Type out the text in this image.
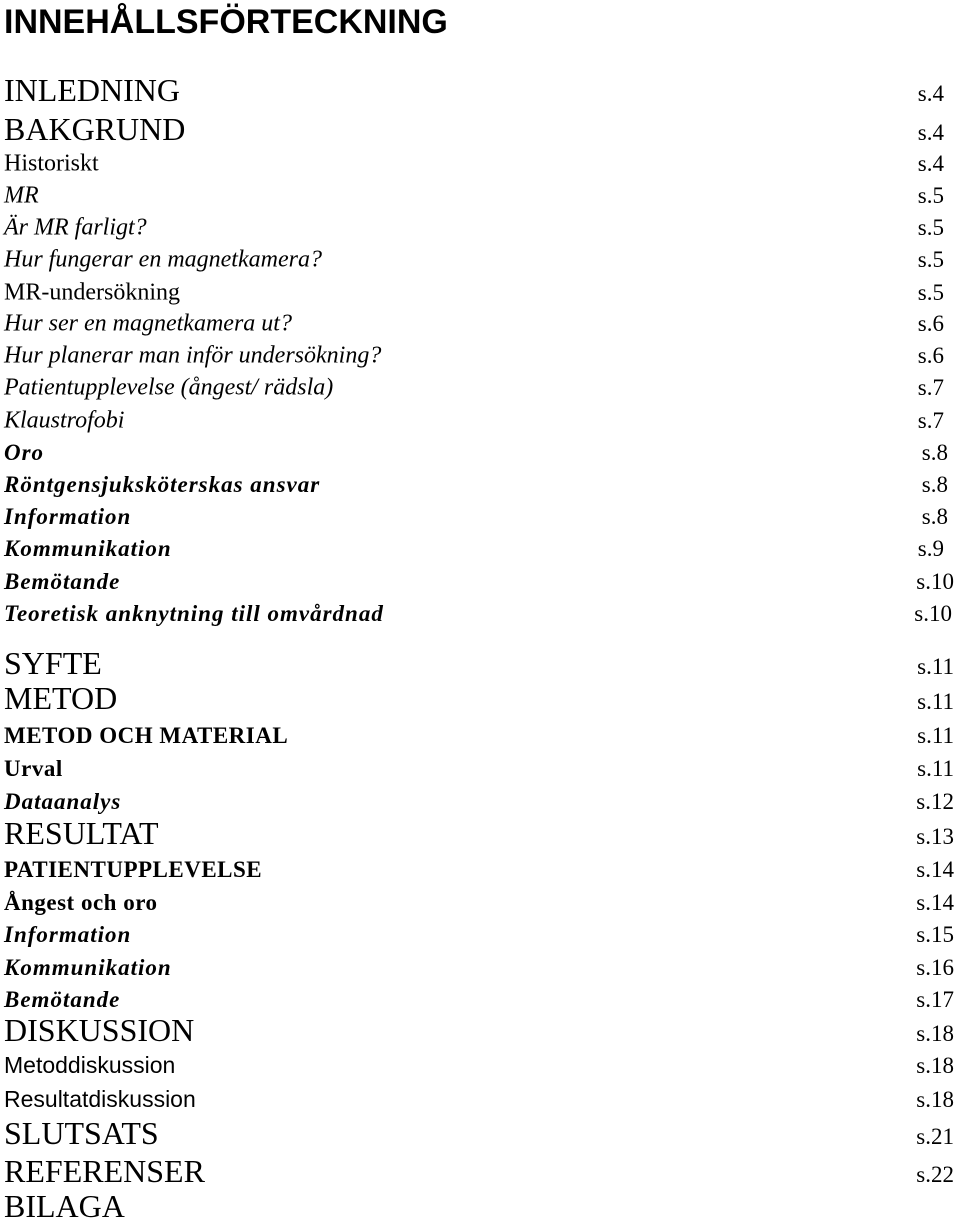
INNEHÅLLSFÖRTECKNING
INLEDNING	s.4
BAKGRUND	s.4
Historiskt	s.4
MR	s.5
Är MR farligt?	s.5
Hur fungerar en magnetkamera?	s.5
MR-undersökning	s.5
Hur ser en magnetkamera ut?	s.6
Hur planerar man inför undersökning?	s.6
Patientupplevelse (ångest/ rädsla)	s.7
Klaustrofobi	s.7
Oro	s.8
Röntgensjuksköterskas ansvar	s.8
Information	s.8
Kommunikation	s.9
Bemötande	s.10
Teoretisk anknytning till omvårdnad	s.10
SYFTE	s.11
METOD	s.11
METOD OCH MATERIAL	s.11
Urval	s.11
Dataanalys	s.12
RESULTAT	s.13
PATIENTUPPLEVELSE	s.14
Ångest och oro	s.14
Information	s.15
Kommunikation	s.16
Bemötande	s.17
DISKUSSION	s.18
Metoddiskussion	s.18
Resultatdiskussion	s.18
SLUTSATS	s.21
REFERENSER	s.22
BILAGA
